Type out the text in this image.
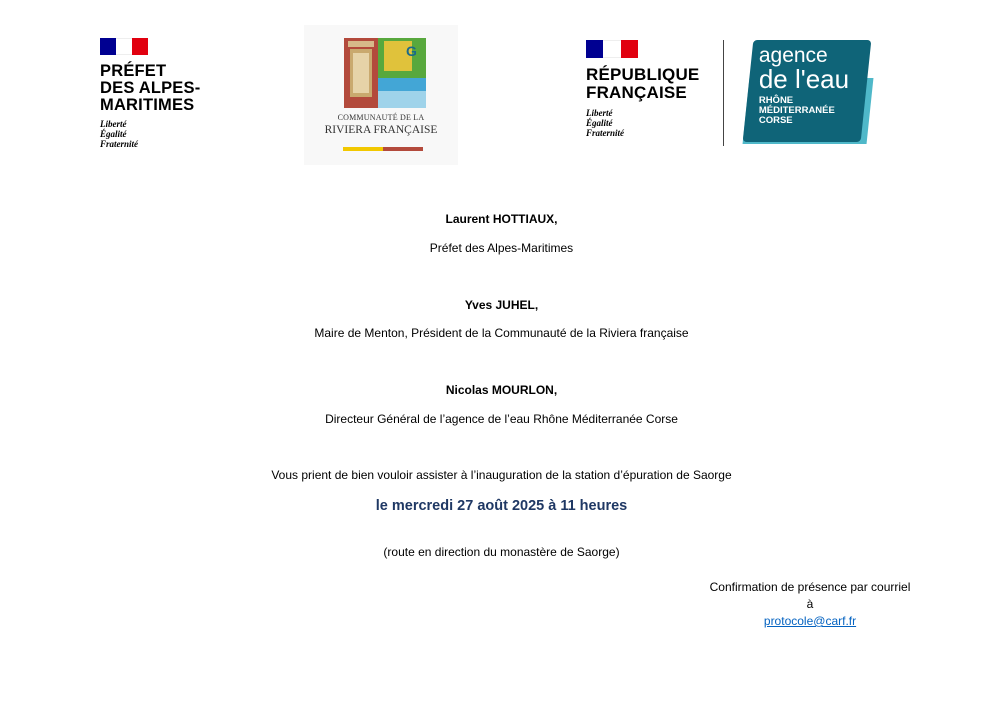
PRÉFET
DES ALPES-
MARITIMES
Liberté
Égalité
Fraternité
G
COMMUNAUTÉ DE LA
RIVIERA FRANÇAISE
RÉPUBLIQUE
FRANÇAISE
Liberté
Égalité
Fraternité
agence
de l'eau
RHÔNE
MÉDITERRANÉE
CORSE
Laurent HOTTIAUX,
Préfet des Alpes-Maritimes
Yves JUHEL,
Maire de Menton, Président de la Communauté de la Riviera française
Nicolas MOURLON,
Directeur Général de l’agence de l’eau Rhône Méditerranée Corse
Vous prient de bien vouloir assister à l’inauguration de la station d’épuration de Saorge
le mercredi 27 août 2025 à 11 heures
(route en direction du monastère de Saorge)
Confirmation de présence par courriel
à
protocole@carf.fr
